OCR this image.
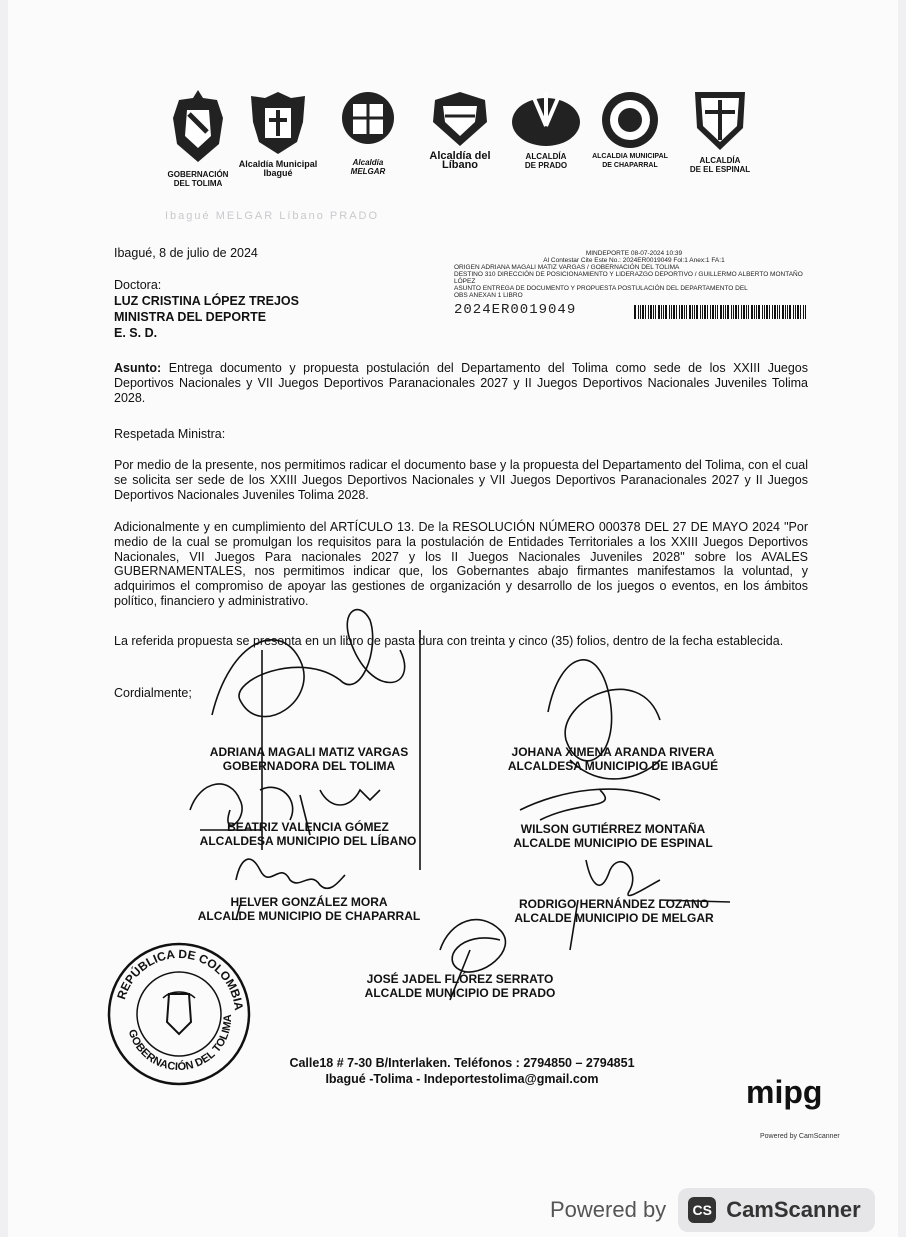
GOBERNACIÓN
DEL TOLIMA
Alcaldía Municipal
Ibagué
Alcaldía
MELGAR
Alcaldía del
Líbano
ALCALDÍA
DE PRADO
ALCALDIA MUNICIPAL
DE CHAPARRAL
ALCALDÍA
DE EL ESPINAL
Ibagué MELGAR Líbano PRADO
Ibagué, 8 de julio de 2024
Doctora:
LUZ CRISTINA LÓPEZ TREJOS
MINISTRA DEL DEPORTE
E. S. D.
MINDEPORTE 08-07-2024 10:39
Al Contestar Cite Este No.: 2024ER0019049 Fol:1 Anex:1 FA:1
ORIGEN ADRIANA MAGALI MATIZ VARGAS / GOBERNACIÓN DEL TOLIMA
DESTINO 310 DIRECCIÓN DE POSICIONAMIENTO Y LIDERAZGO DEPORTIVO / GUILLERMO ALBERTO MONTAÑO LÓPEZ
ASUNTO ENTREGA DE DOCUMENTO Y PROPUESTA POSTULACIÓN DEL DEPARTAMENTO DEL
OBS ANEXAN 1 LIBRO
2024ER0019049
Asunto: Entrega documento y propuesta postulación del Departamento del Tolima como sede de los XXIII Juegos Deportivos Nacionales y VII Juegos Deportivos Paranacionales 2027 y II Juegos Deportivos Nacionales Juveniles Tolima 2028.
Respetada Ministra:
Por medio de la presente, nos permitimos radicar el documento base y la propuesta del Departamento del Tolima, con el cual se solicita ser sede de los XXIII Juegos Deportivos Nacionales y VII Juegos Deportivos Paranacionales 2027 y II Juegos Deportivos Nacionales Juveniles Tolima 2028.
Adicionalmente y en cumplimiento del ARTÍCULO 13. De la RESOLUCIÓN NÚMERO 000378 DEL 27 DE MAYO 2024 "Por medio de la cual se promulgan los requisitos para la postulación de Entidades Territoriales a los XXIII Juegos Deportivos Nacionales, VII Juegos Para nacionales 2027 y los II Juegos Nacionales Juveniles 2028" sobre los AVALES GUBERNAMENTALES, nos permitimos indicar que, los Gobernantes abajo firmantes manifestamos la voluntad, y adquirimos el compromiso de apoyar las gestiones de organización y desarrollo de los juegos o eventos, en los ámbitos político, financiero y administrativo.
La referida propuesta se presenta en un libro de pasta dura con treinta y cinco (35) folios, dentro de la fecha establecida.
Cordialmente;
ADRIANA MAGALI MATIZ VARGAS
GOBERNADORA DEL TOLIMA
JOHANA XIMENA ARANDA RIVERA
ALCALDESA MUNICIPIO DE IBAGUÉ
BEATRIZ VALENCIA GÓMEZ
ALCALDESA MUNICIPIO DEL LÍBANO
WILSON GUTIÉRREZ MONTAÑA
ALCALDE MUNICIPIO DE ESPINAL
HELVER GONZÁLEZ MORA
ALCALDE MUNICIPIO DE CHAPARRAL
RODRIGO HERNÁNDEZ LOZANO
ALCALDE MUNICIPIO DE MELGAR
JOSÉ JADEL FLÓREZ SERRATO
ALCALDE MUNICIPIO DE PRADO
REPÚBLICA DE COLOMBIA
GOBERNACIÓN DEL TOLIMA
Calle18 # 7-30 B/Interlaken. Teléfonos : 2794850 – 2794851
Ibagué -Tolima - Indeportestolima@gmail.com	mipg
Powered by CamScanner
Powered by	CS CamScanner
